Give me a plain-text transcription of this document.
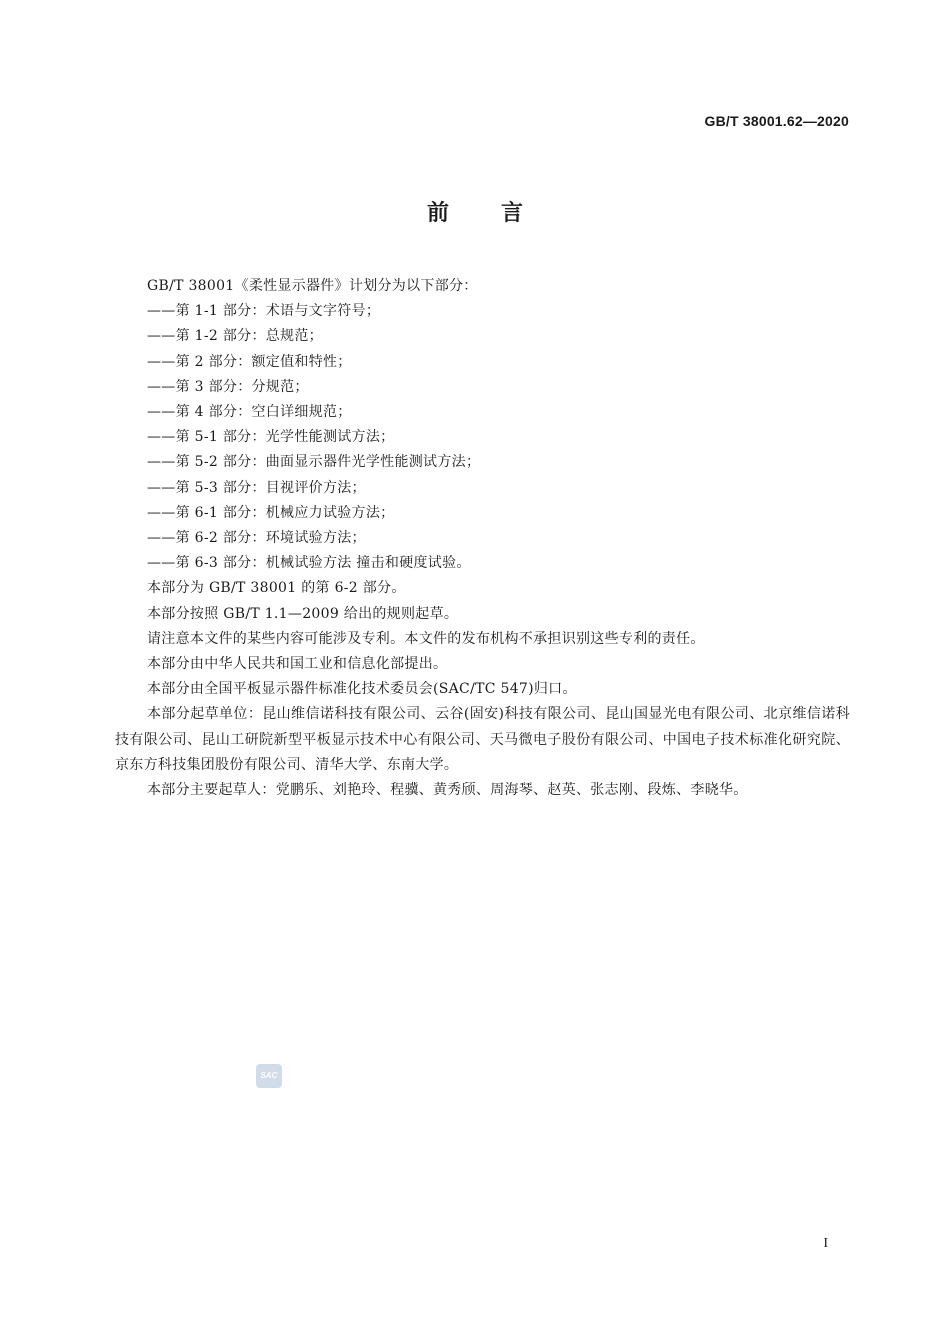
GB/T 38001.62—2020
前言

GB/T 38001《柔性显示器件》计划分为以下部分：

——第 1-1 部分：术语与文字符号；

——第 1-2 部分：总规范；

——第 2 部分：额定值和特性；

——第 3 部分：分规范；

——第 4 部分：空白详细规范；

——第 5-1 部分：光学性能测试方法；

——第 5-2 部分：曲面显示器件光学性能测试方法；

——第 5-3 部分：目视评价方法；

——第 6-1 部分：机械应力试验方法；

——第 6-2 部分：环境试验方法；

——第 6-3 部分：机械试验方法 撞击和硬度试验。

本部分为 GB/T 38001 的第 6-2 部分。

本部分按照 GB/T 1.1—2009 给出的规则起草。

请注意本文件的某些内容可能涉及专利。本文件的发布机构不承担识别这些专利的责任。

本部分由中华人民共和国工业和信息化部提出。

本部分由全国平板显示器件标准化技术委员会(SAC/TC 547)归口。

本部分起草单位：昆山维信诺科技有限公司、云谷(固安)科技有限公司、昆山国显光电有限公司、北京维信诺科技有限公司、昆山工研院新型平板显示技术中心有限公司、天马微电子股份有限公司、中国电子技术标准化研究院、京东方科技集团股份有限公司、清华大学、东南大学。

本部分主要起草人：党鹏乐、刘艳玲、程骥、黄秀颀、周海琴、赵英、张志刚、段炼、李晓华。

SAC
I
